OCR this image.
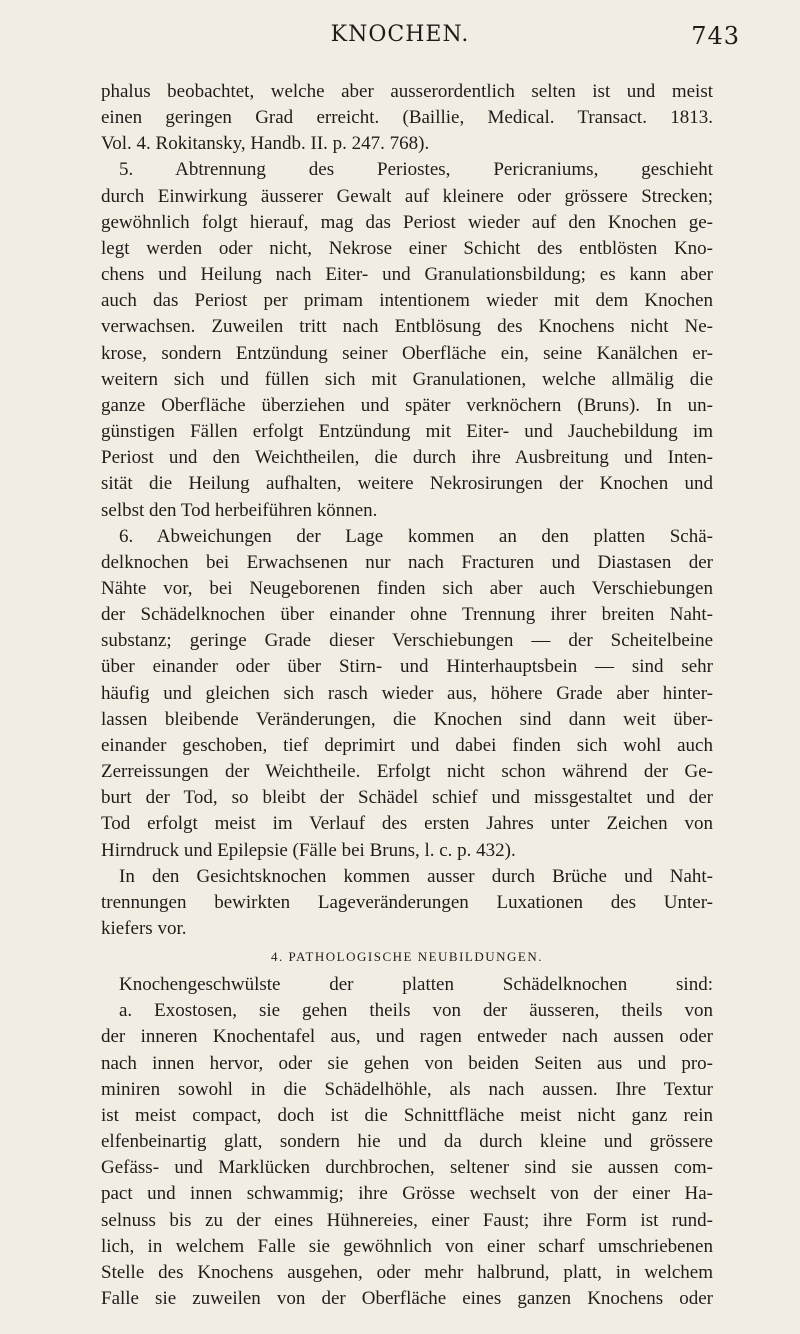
KNOCHEN.	743
phalus beobachtet, welche aber ausserordentlich selten ist und meist
einen geringen Grad erreicht. (Baillie, Medical. Transact. 1813.
Vol. 4. Rokitansky, Handb. II. p. 247. 768).
5. Abtrennung des Periostes, Pericraniums, geschieht
durch Einwirkung äusserer Gewalt auf kleinere oder grössere Strecken;
gewöhnlich folgt hierauf, mag das Periost wieder auf den Knochen ge-
legt werden oder nicht, Nekrose einer Schicht des entblösten Kno-
chens und Heilung nach Eiter- und Granulationsbildung; es kann aber
auch das Periost per primam intentionem wieder mit dem Knochen
verwachsen. Zuweilen tritt nach Entblösung des Knochens nicht Ne-
krose, sondern Entzündung seiner Oberfläche ein, seine Kanälchen er-
weitern sich und füllen sich mit Granulationen, welche allmälig die
ganze Oberfläche überziehen und später verknöchern (Bruns). In un-
günstigen Fällen erfolgt Entzündung mit Eiter- und Jauchebildung im
Periost und den Weichtheilen, die durch ihre Ausbreitung und Inten-
sität die Heilung aufhalten, weitere Nekrosirungen der Knochen und
selbst den Tod herbeiführen können.
6. Abweichungen der Lage kommen an den platten Schä-
delknochen bei Erwachsenen nur nach Fracturen und Diastasen der
Nähte vor, bei Neugeborenen finden sich aber auch Verschiebungen
der Schädelknochen über einander ohne Trennung ihrer breiten Naht-
substanz; geringe Grade dieser Verschiebungen — der Scheitelbeine
über einander oder über Stirn- und Hinterhauptsbein — sind sehr
häufig und gleichen sich rasch wieder aus, höhere Grade aber hinter-
lassen bleibende Veränderungen, die Knochen sind dann weit über-
einander geschoben, tief deprimirt und dabei finden sich wohl auch
Zerreissungen der Weichtheile. Erfolgt nicht schon während der Ge-
burt der Tod, so bleibt der Schädel schief und missgestaltet und der
Tod erfolgt meist im Verlauf des ersten Jahres unter Zeichen von
Hirndruck und Epilepsie (Fälle bei Bruns, l. c. p. 432).
In den Gesichtsknochen kommen ausser durch Brüche und Naht-
trennungen bewirkten Lageveränderungen Luxationen des Unter-
kiefers vor.
4. PATHOLOGISCHE NEUBILDUNGEN.
Knochengeschwülste der platten Schädelknochen sind:
a. Exostosen, sie gehen theils von der äusseren, theils von
der inneren Knochentafel aus, und ragen entweder nach aussen oder
nach innen hervor, oder sie gehen von beiden Seiten aus und pro-
miniren sowohl in die Schädelhöhle, als nach aussen. Ihre Textur
ist meist compact, doch ist die Schnittfläche meist nicht ganz rein
elfenbeinartig glatt, sondern hie und da durch kleine und grössere
Gefäss- und Marklücken durchbrochen, seltener sind sie aussen com-
pact und innen schwammig; ihre Grösse wechselt von der einer Ha-
selnuss bis zu der eines Hühnereies, einer Faust; ihre Form ist rund-
lich, in welchem Falle sie gewöhnlich von einer scharf umschriebenen
Stelle des Knochens ausgehen, oder mehr halbrund, platt, in welchem
Falle sie zuweilen von der Oberfläche eines ganzen Knochens oder
